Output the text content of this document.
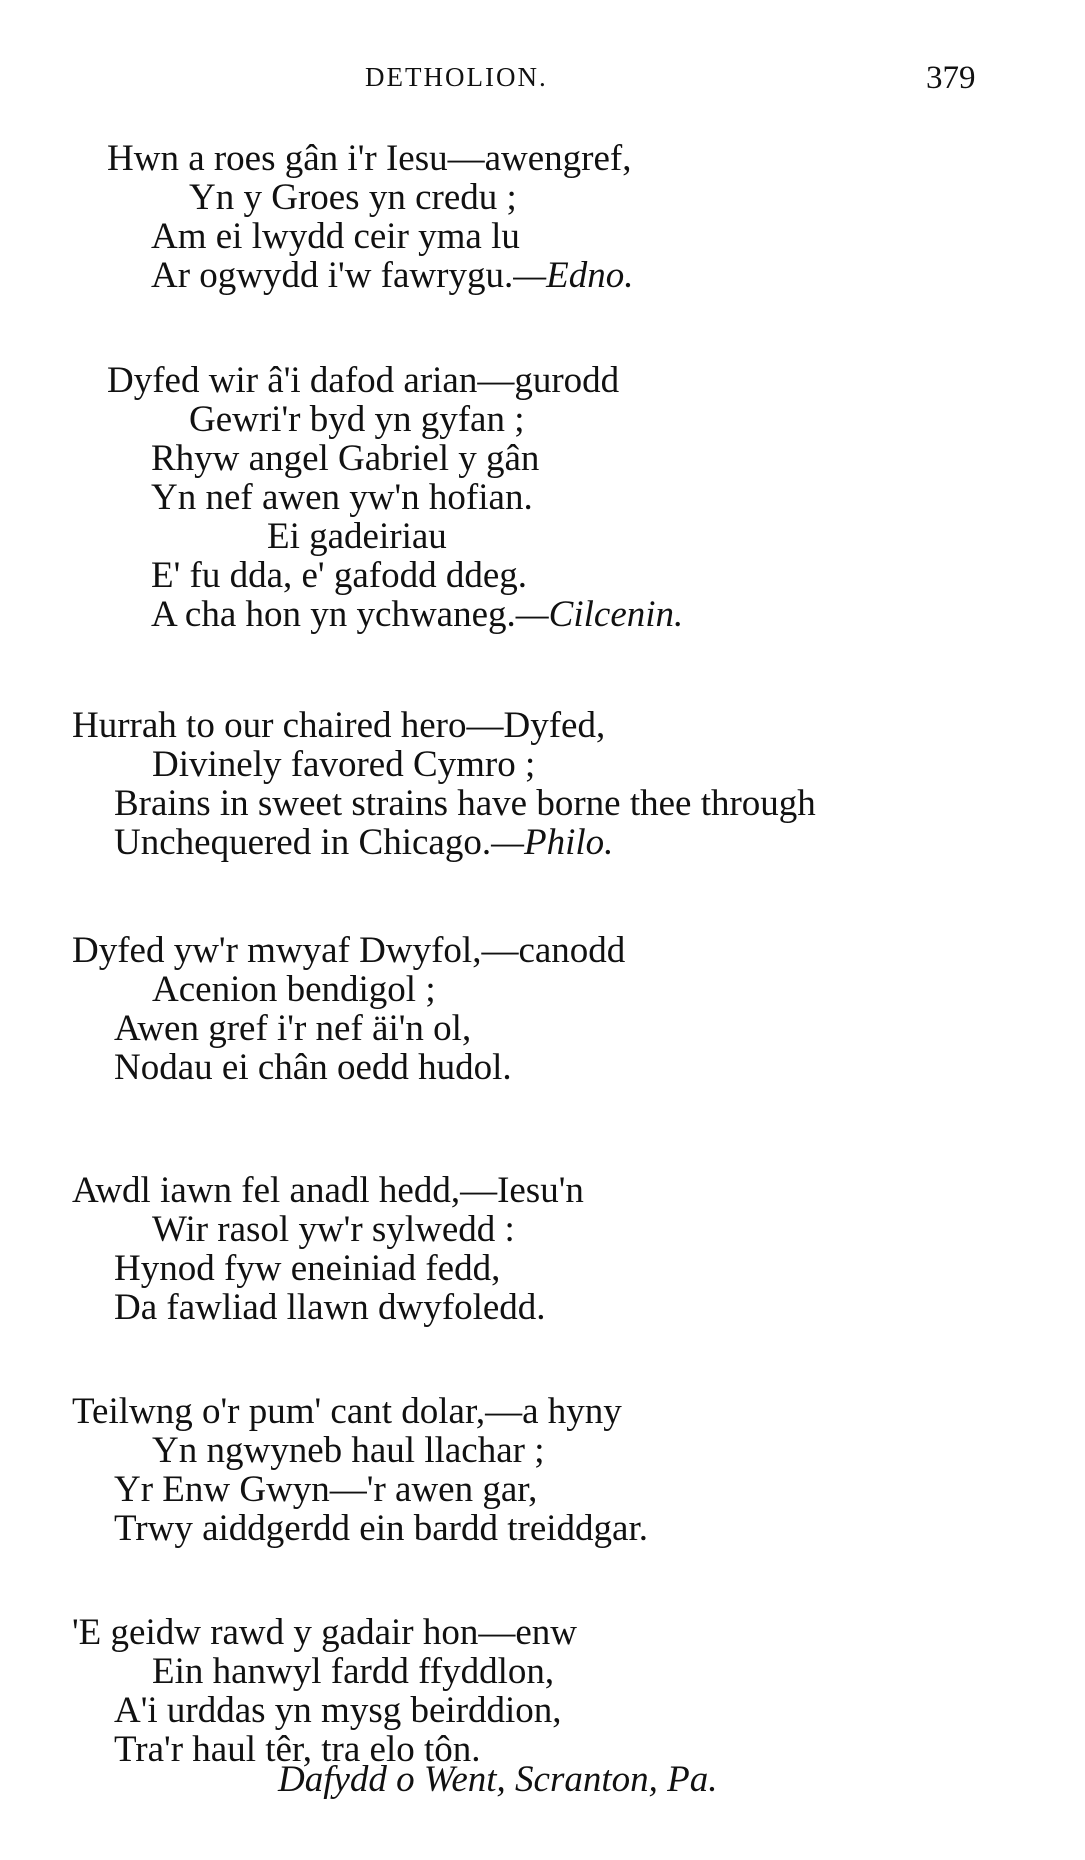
DETHOLION.	379
Hwn a roes gân i'r Iesu—awengref,
Yn y Groes yn credu ;
Am ei lwydd ceir yma lu
Ar ogwydd i'w fawrygu.—Edno.
Dyfed wir â'i dafod arian—gurodd
Gewri'r byd yn gyfan ;
Rhyw angel Gabriel y gân
Yn nef awen yw'n hofian.
Ei gadeiriau
E' fu dda, e' gafodd ddeg.
A cha hon yn ychwaneg.—Cilcenin.
Hurrah to our chaired hero—Dyfed,
Divinely favored Cymro ;
Brains in sweet strains have borne thee through
Unchequered in Chicago.—Philo.
Dyfed yw'r mwyaf Dwyfol,—canodd
Acenion bendigol ;
Awen gref i'r nef äi'n ol,
Nodau ei chân oedd hudol.
Awdl iawn fel anadl hedd,—Iesu'n
Wir rasol yw'r sylwedd :
Hynod fyw eneiniad fedd,
Da fawliad llawn dwyfoledd.
Teilwng o'r pum' cant dolar,—a hyny
Yn ngwyneb haul llachar ;
Yr Enw Gwyn—'r awen gar,
Trwy aiddgerdd ein bardd treiddgar.
'E geidw rawd y gadair hon—enw
Ein hanwyl fardd ffyddlon,
A'i urddas yn mysg beirddion,
Tra'r haul têr, tra elo tôn.
Dafydd o Went, Scranton, Pa.
